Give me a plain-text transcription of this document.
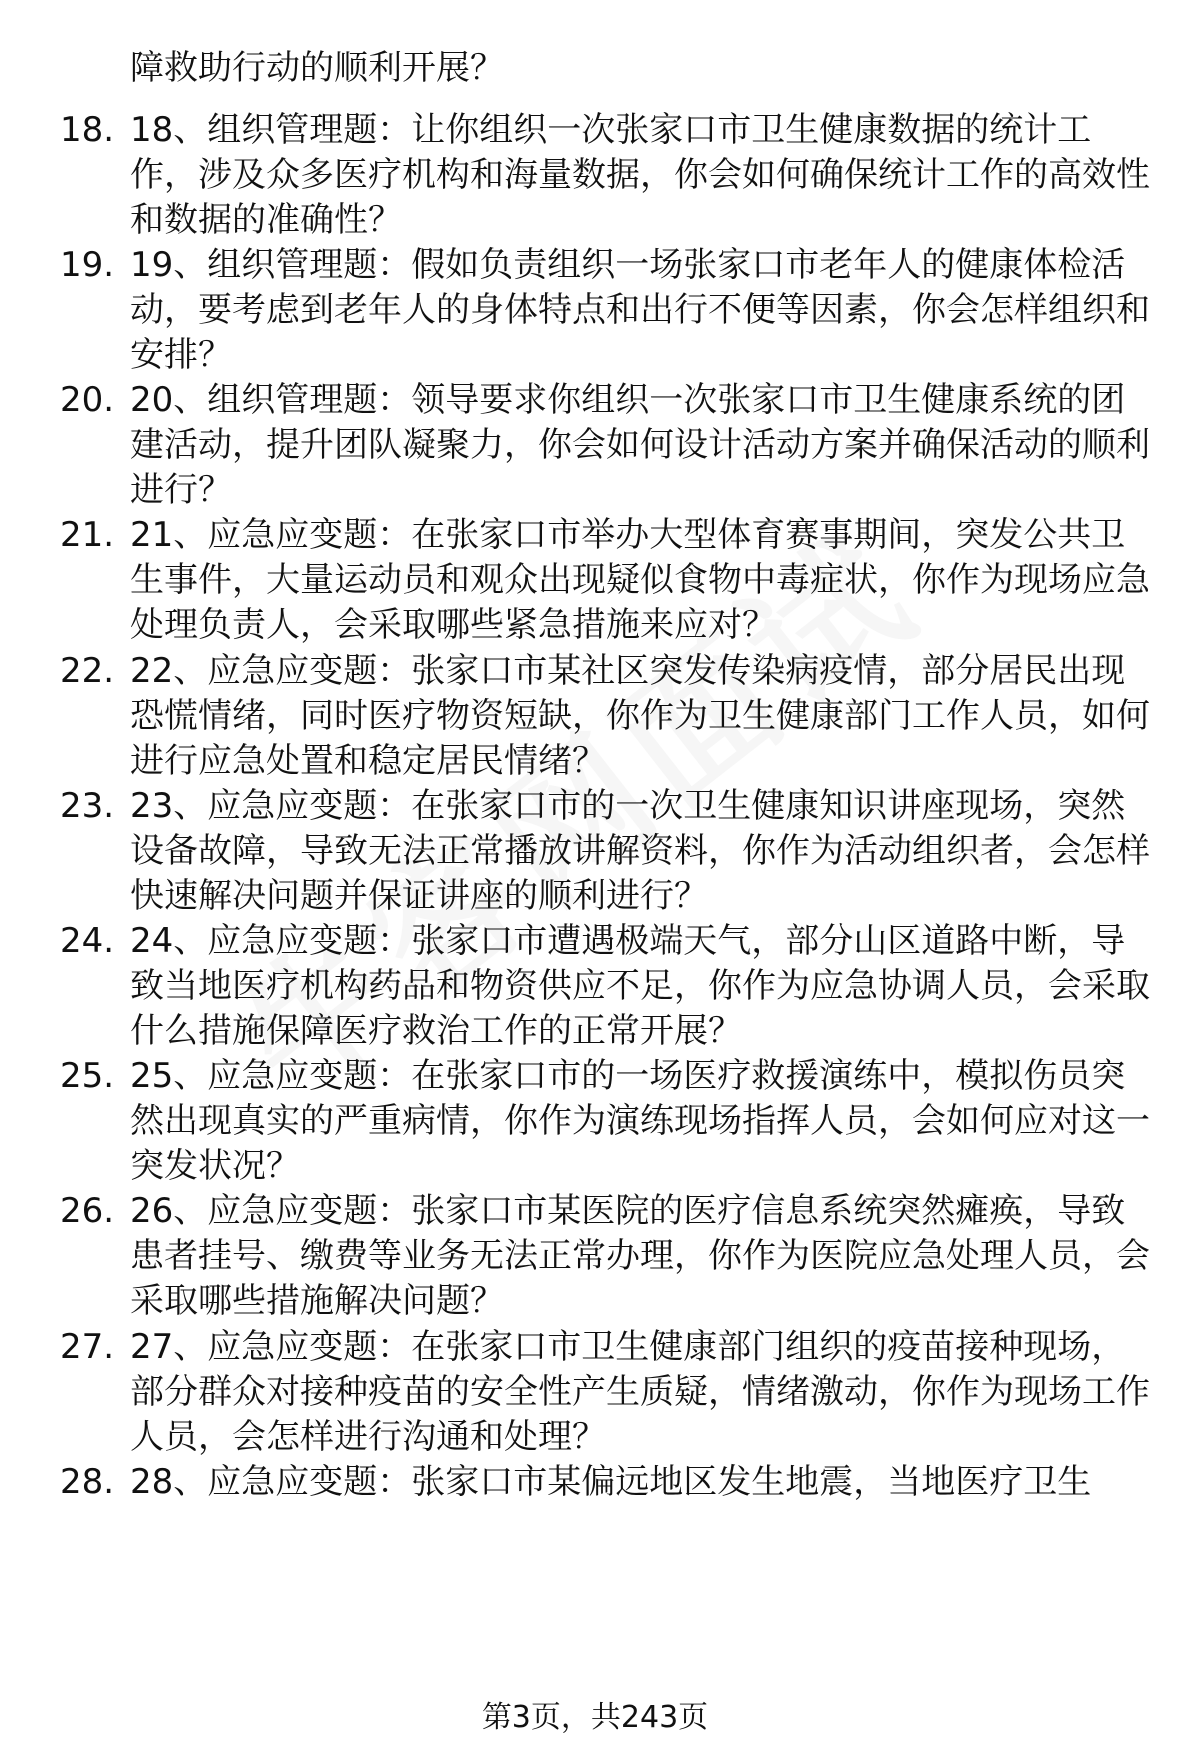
障救助行动的顺利开展？
18. 18、组织管理题：让你组织一次张家口市卫生健康数据的统计工作，涉及众多医疗机构和海量数据，你会如何确保统计工作的高效性和数据的准确性？
19. 19、组织管理题：假如负责组织一场张家口市老年人的健康体检活动，要考虑到老年人的身体特点和出行不便等因素，你会怎样组织和安排？
20. 20、组织管理题：领导要求你组织一次张家口市卫生健康系统的团建活动，提升团队凝聚力，你会如何设计活动方案并确保活动的顺利进行？
21. 21、应急应变题：在张家口市举办大型体育赛事期间，突发公共卫生事件，大量运动员和观众出现疑似食物中毒症状，你作为现场应急处理负责人，会采取哪些紧急措施来应对？
22. 22、应急应变题：张家口市某社区突发传染病疫情，部分居民出现恐慌情绪，同时医疗物资短缺，你作为卫生健康部门工作人员，如何进行应急处置和稳定居民情绪？
23. 23、应急应变题：在张家口市的一次卫生健康知识讲座现场，突然设备故障，导致无法正常播放讲解资料，你作为活动组织者，会怎样快速解决问题并保证讲座的顺利进行？
24. 24、应急应变题：张家口市遭遇极端天气，部分山区道路中断，导致当地医疗机构药品和物资供应不足，你作为应急协调人员，会采取什么措施保障医疗救治工作的正常开展？
25. 25、应急应变题：在张家口市的一场医疗救援演练中，模拟伤员突然出现真实的严重病情，你作为演练现场指挥人员，会如何应对这一突发状况？
26. 26、应急应变题：张家口市某医院的医疗信息系统突然瘫痪，导致患者挂号、缴费等业务无法正常办理，你作为医院应急处理人员，会采取哪些措施解决问题？
27. 27、应急应变题：在张家口市卫生健康部门组织的疫苗接种现场，部分群众对接种疫苗的安全性产生质疑，情绪激动，你作为现场工作人员，会怎样进行沟通和处理？
28. 28、应急应变题：张家口市某偏远地区发生地震，当地医疗卫生
第3页，共243页
